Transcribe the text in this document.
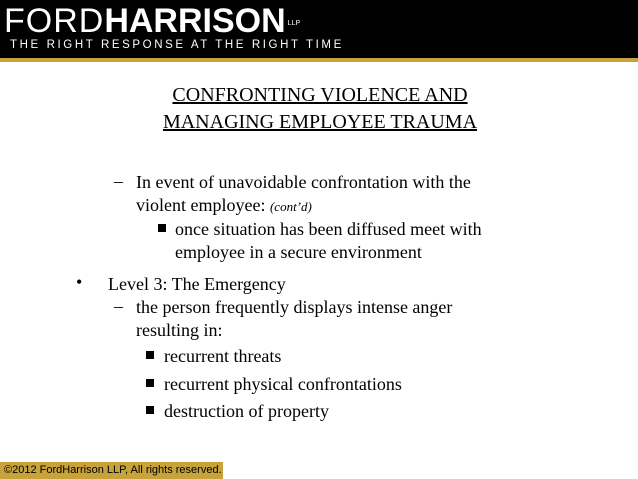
FORDHARRISON $^{LLP}$
THE RIGHT RESPONSE AT THE RIGHT TIME
CONFRONTING VIOLENCE AND
MANAGING EMPLOYEE TRAUMA
– In event of unavoidable confrontation with the
violent employee: (cont’d)
once situation has been diffused meet with
employee in a secure environment
• Level 3: The Emergency
– the person frequently displays intense anger
resulting in:
recurrent threats
recurrent physical confrontations
destruction of property
©2012 FordHarrison LLP, All rights reserved.
